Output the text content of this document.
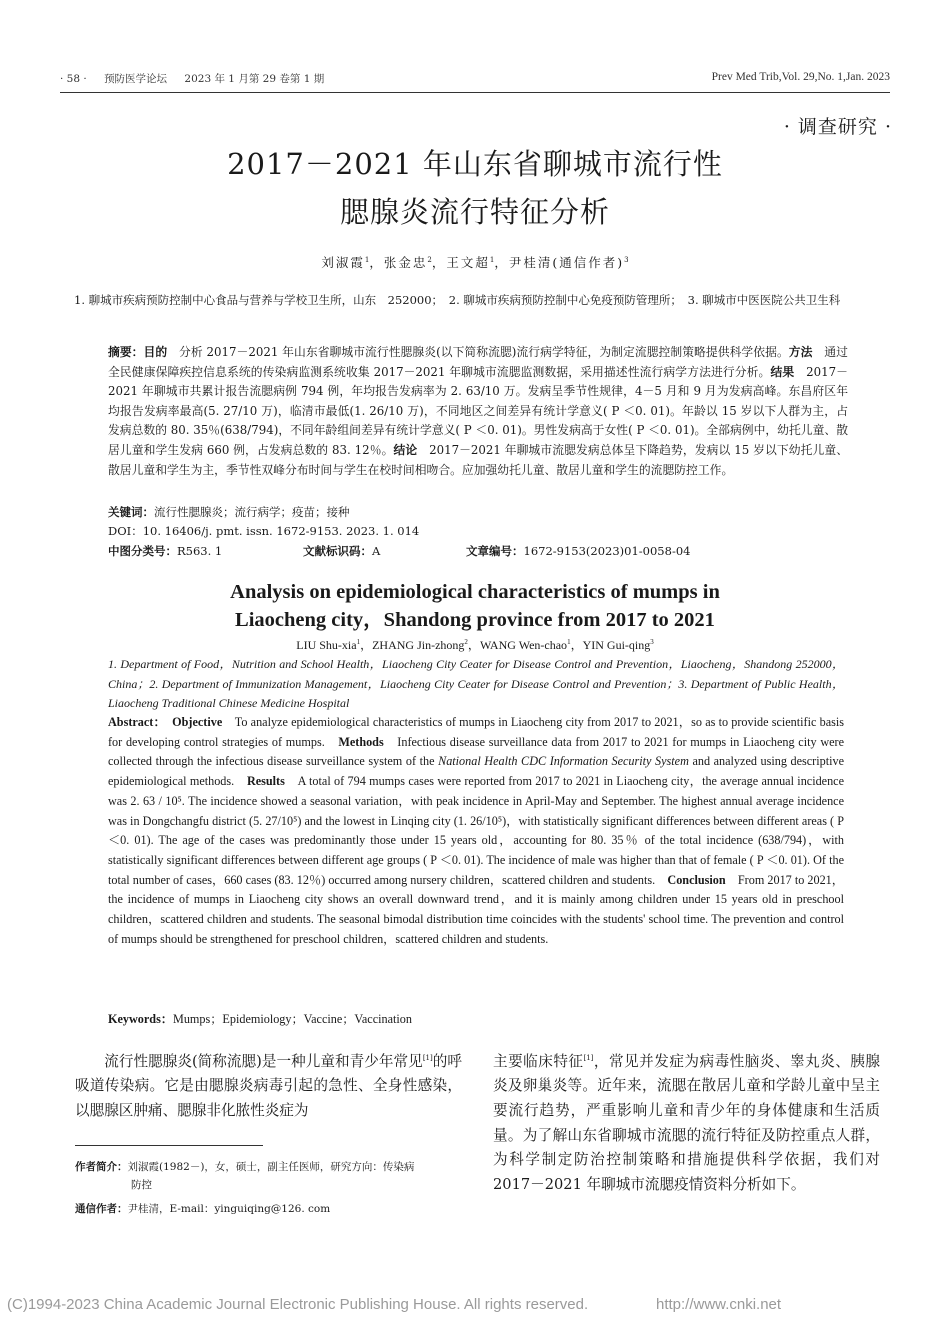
· 58 · 预防医学论坛 2023 年 1 月第 29 卷第 1 期	Prev Med Trib,Vol. 29,No. 1,Jan. 2023
· 调查研究 ·
2017－2021 年山东省聊城市流行性
腮腺炎流行特征分析
刘淑霞$^1$，张金忠$^2$，王文超$^1$，尹桂清(通信作者)$^3$
1. 聊城市疾病预防控制中心食品与营养与学校卫生所，山东　252000；　2. 聊城市疾病预防控制中心免疫预防管理所；　3. 聊城市中医医院公共卫生科
摘要：目的　分析 2017－2021 年山东省聊城市流行性腮腺炎(以下简称流腮)流行病学特征，为制定流腮控制策略提供科学依据。方法　通过全民健康保障疾控信息系统的传染病监测系统收集 2017－2021 年聊城市流腮监测数据，采用描述性流行病学方法进行分析。结果　2017－2021 年聊城市共累计报告流腮病例 794 例，年均报告发病率为 2. 63/10 万。发病呈季节性规律，4－5 月和 9 月为发病高峰。东昌府区年均报告发病率最高(5. 27/10 万)，临清市最低(1. 26/10 万)，不同地区之间差异有统计学意义( P ＜0. 01)。年龄以 15 岁以下人群为主，占发病总数的 80. 35％(638/794)，不同年龄组间差异有统计学意义( P ＜0. 01)。男性发病高于女性( P ＜0. 01)。全部病例中，幼托儿童、散居儿童和学生发病 660 例，占发病总数的 83. 12％。结论　2017－2021 年聊城市流腮发病总体呈下降趋势，发病以 15 岁以下幼托儿童、散居儿童和学生为主，季节性双峰分布时间与学生在校时间相吻合。应加强幼托儿童、散居儿童和学生的流腮防控工作。
关键词：流行性腮腺炎；流行病学；疫苗；接种
DOI：10. 16406/j. pmt. issn. 1672-9153. 2023. 1. 014
中图分类号：R563. 1	文献标识码：A	文章编号：1672-9153(2023)01-0058-04
Analysis on epidemiological characteristics of mumps in
Liaocheng city，Shandong province from 2017 to 2021
LIU Shu-xia$^1$，ZHANG Jin-zhong$^2$，WANG Wen-chao$^1$，YIN Gui-qing$^3$
1. Department of Food，Nutrition and School Health，Liaocheng City Ceater for Disease Control and Prevention，Liaocheng，Shandong 252000，China；2. Department of Immunization Management，Liaocheng City Ceater for Disease Control and Prevention；3. Department of Public Health，Liaocheng Traditional Chinese Medicine Hospital
Abstract：　 Objective　To analyze epidemiological characteristics of mumps in Liaocheng city from 2017 to 2021，so as to provide scientific basis for developing control strategies of mumps.　 Methods　Infectious disease surveillance data from 2017 to 2021 for mumps in Liaocheng city were collected through the infectious disease surveillance system of the National Health CDC Information Security System and analyzed using descriptive epidemiological methods.　 Results　A total of 794 mumps cases were reported from 2017 to 2021 in Liaocheng city，the average annual incidence was 2. 63 / 10⁵. The incidence showed a seasonal variation，with peak incidence in April-May and September. The highest annual average incidence was in Dongchangfu district (5. 27/10⁵) and the lowest in Linqing city (1. 26/10⁵)，with statistically significant differences between different areas ( P ＜0. 01). The age of the cases was predominantly those under 15 years old，accounting for 80. 35％ of the total incidence (638/794)，with statistically significant differences between different age groups ( P ＜0. 01). The incidence of male was higher than that of female ( P ＜0. 01). Of the total number of cases，660 cases (83. 12％) occurred among nursery children，scattered children and students.　 Conclusion　From 2017 to 2021，the incidence of mumps in Liaocheng city shows an overall downward trend，and it is mainly among children under 15 years old in preschool children，scattered children and students. The seasonal bimodal distribution time coincides with the students' school time. The prevention and control of mumps should be strengthened for preschool children，scattered children and students.
Keywords：Mumps；Epidemiology；Vaccine；Vaccination
流行性腮腺炎(简称流腮)是一种儿童和青少年常见[1]的呼吸道传染病。它是由腮腺炎病毒引起的急性、全身性感染，以腮腺区肿痛、腮腺非化脓性炎症为
主要临床特征[1]，常见并发症为病毒性脑炎、睾丸炎、胰腺炎及卵巢炎等。近年来，流腮在散居儿童和学龄儿童中呈主要流行趋势，严重影响儿童和青少年的身体健康和生活质量。为了解山东省聊城市流腮的流行特征及防控重点人群，为科学制定防治控制策略和措施提供科学依据，我们对 2017－2021 年聊城市流腮疫情资料分析如下。
作者简介：刘淑霞(1982－)，女，硕士，副主任医师，研究方向：传染病
防控
通信作者：尹桂清，E-mail：yinguiqing@126. com
(C)1994-2023 China Academic Journal Electronic Publishing House. All rights reserved.	http://www.cnki.net
